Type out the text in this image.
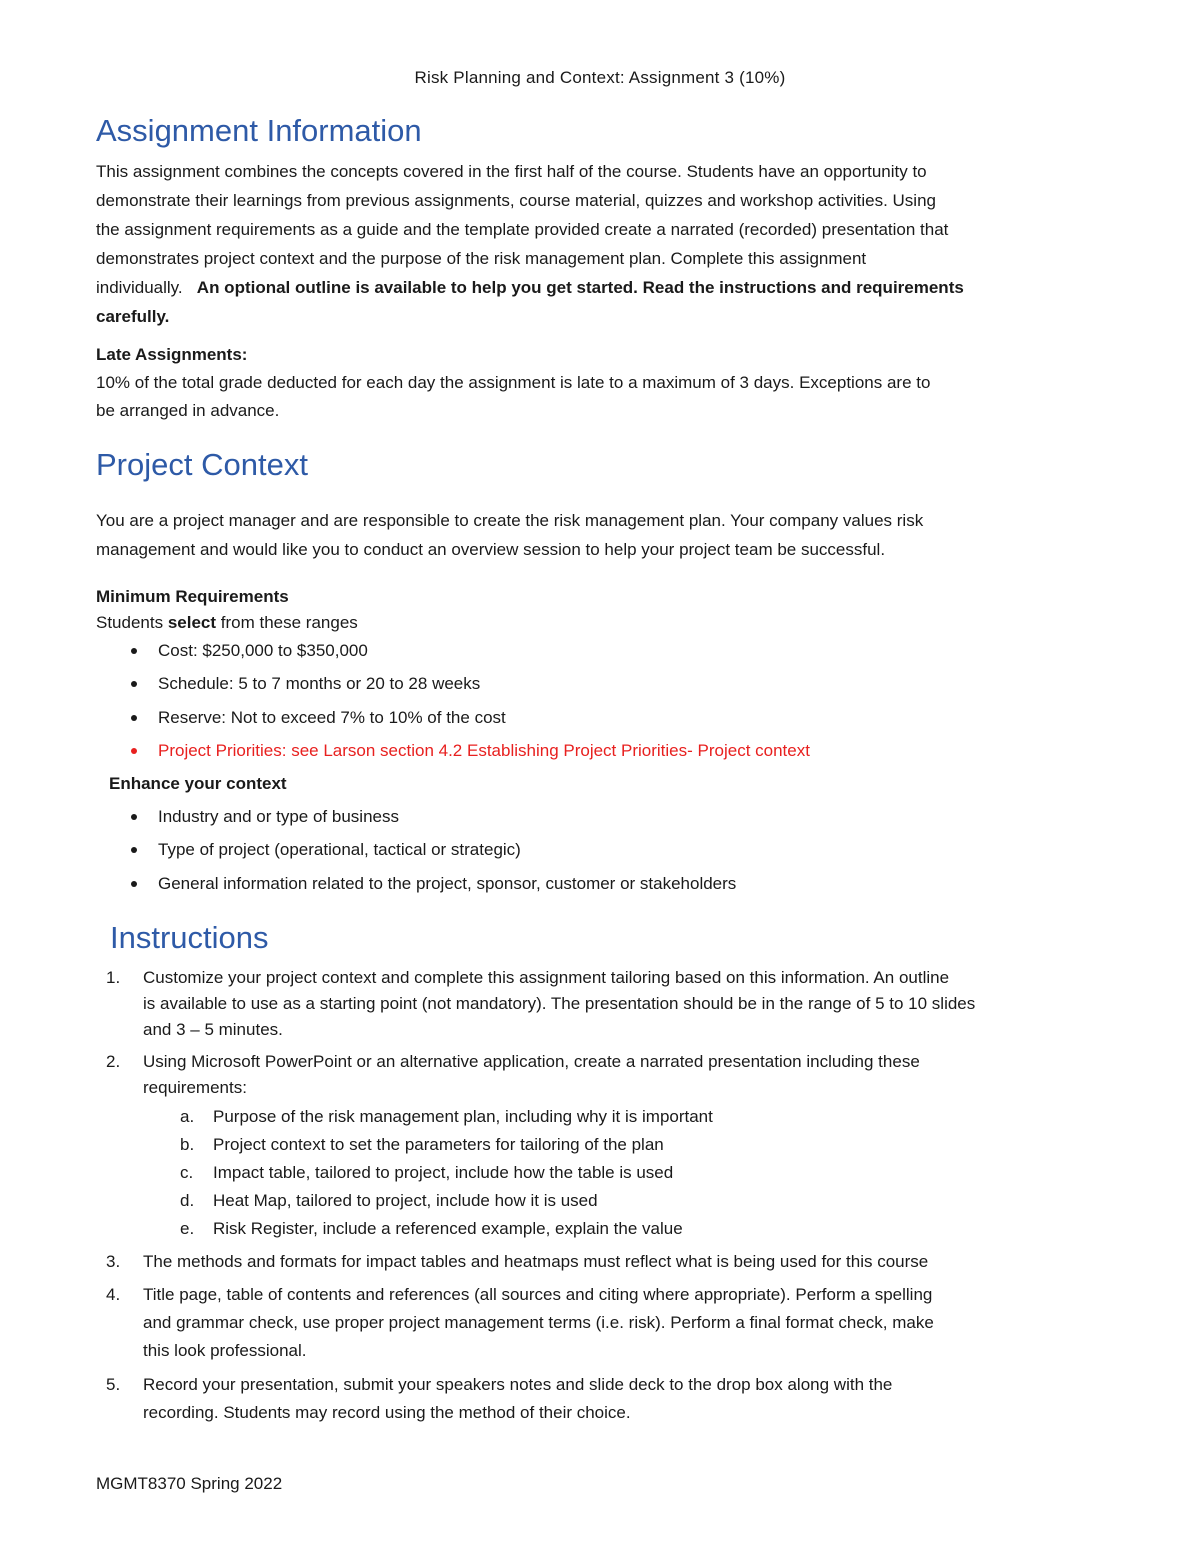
Risk Planning and Context: Assignment 3 (10%)
Assignment Information
This assignment combines the concepts covered in the first half of the course. Students have an opportunity to
demonstrate their learnings from previous assignments, course material, quizzes and workshop activities. Using
the assignment requirements as a guide and the template provided create a narrated (recorded) presentation that
demonstrates project context and the purpose of the risk management plan. Complete this assignment
individually.   An optional outline is available to help you get started. Read the instructions and requirements
carefully.
Late Assignments:
10% of the total grade deducted for each day the assignment is late to a maximum of 3 days. Exceptions are to
be arranged in advance.
Project Context
You are a project manager and are responsible to create the risk management plan. Your company values risk
management and would like you to conduct an overview session to help your project team be successful.
Minimum Requirements
Students select from these ranges
Cost: $250,000 to $350,000
Schedule: 5 to 7 months or 20 to 28 weeks
Reserve: Not to exceed 7% to 10% of the cost
Project Priorities: see Larson section 4.2 Establishing Project Priorities- Project context
Enhance your context
Industry and or type of business
Type of project (operational, tactical or strategic)
General information related to the project, sponsor, customer or stakeholders
Instructions
1. Customize your project context and complete this assignment tailoring based on this information. An outline
is available to use as a starting point (not mandatory). The presentation should be in the range of 5 to 10 slides
and 3 – 5 minutes.
2. Using Microsoft PowerPoint or an alternative application, create a narrated presentation including these
requirements:
a. Purpose of the risk management plan, including why it is important
b. Project context to set the parameters for tailoring of the plan
c. Impact table, tailored to project, include how the table is used
d. Heat Map, tailored to project, include how it is used
e. Risk Register, include a referenced example, explain the value
3. The methods and formats for impact tables and heatmaps must reflect what is being used for this course
4. Title page, table of contents and references (all sources and citing where appropriate). Perform a spelling
and grammar check, use proper project management terms (i.e. risk). Perform a final format check, make
this look professional.
5. Record your presentation, submit your speakers notes and slide deck to the drop box along with the
recording. Students may record using the method of their choice.
MGMT8370 Spring 2022
